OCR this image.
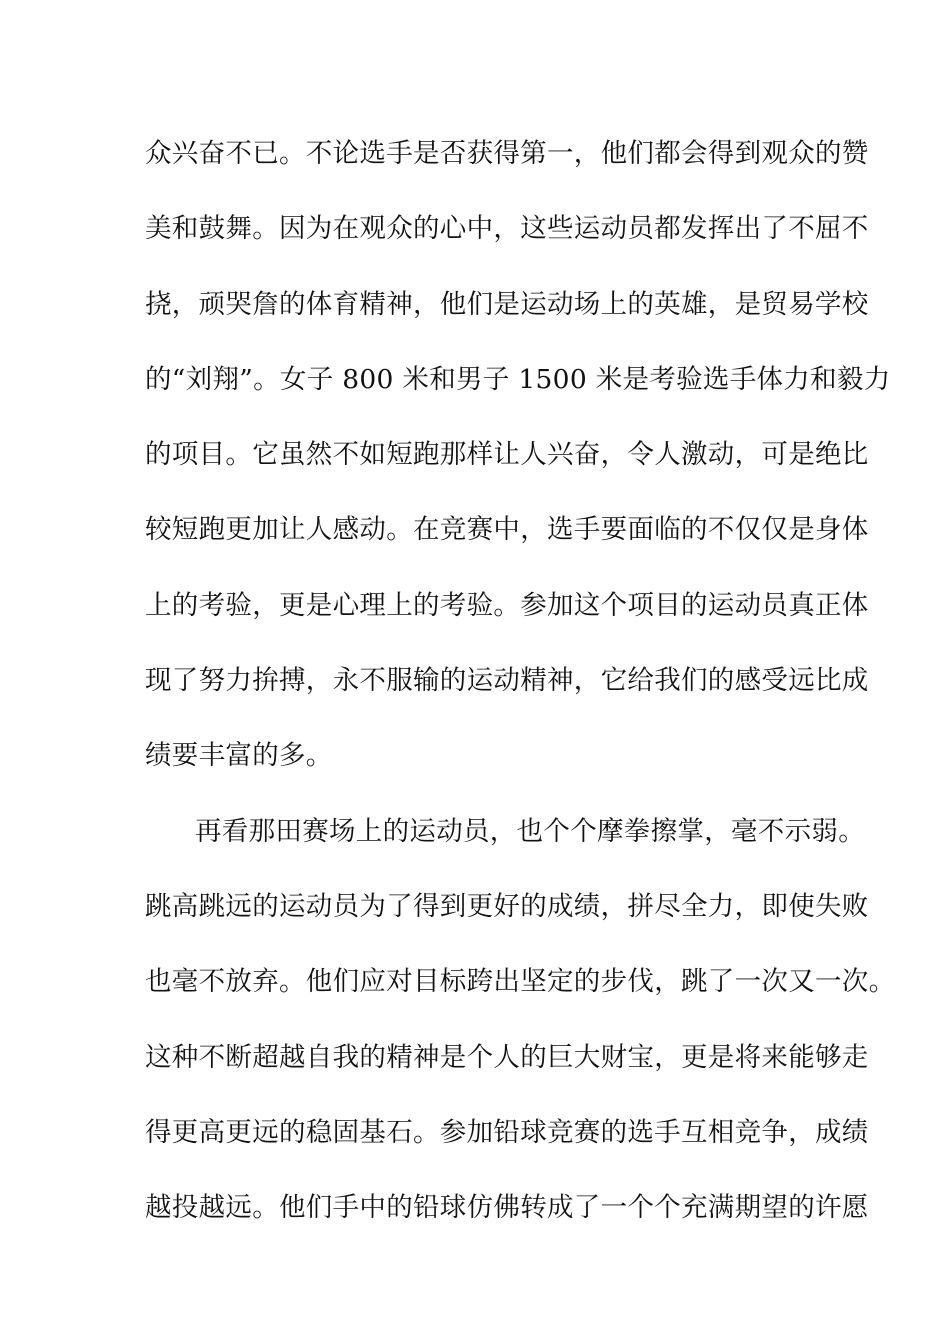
众兴奋不已。不论选手是否获得第一，他们都会得到观众的赞
美和鼓舞。因为在观众的心中，这些运动员都发挥出了不屈不
挠，顽哭詹的体育精神，他们是运动场上的英雄，是贸易学校
的“刘翔”。女子 800 米和男子 1500 米是考验选手体力和毅力
的项目。它虽然不如短跑那样让人兴奋，令人激动，可是绝比
较短跑更加让人感动。在竞赛中，选手要面临的不仅仅是身体
上的考验，更是心理上的考验。参加这个项目的运动员真正体
现了努力拚搏，永不服输的运动精神，它给我们的感受远比成
绩要丰富的多。
再看那田赛场上的运动员，也个个摩拳擦掌，毫不示弱。
跳高跳远的运动员为了得到更好的成绩，拼尽全力，即使失败
也毫不放弃。他们应对目标跨出坚定的步伐，跳了一次又一次。
这种不断超越自我的精神是个人的巨大财宝，更是将来能够走
得更高更远的稳固基石。参加铅球竞赛的选手互相竞争，成绩
越投越远。他们手中的铅球仿佛转成了一个个充满期望的许愿
